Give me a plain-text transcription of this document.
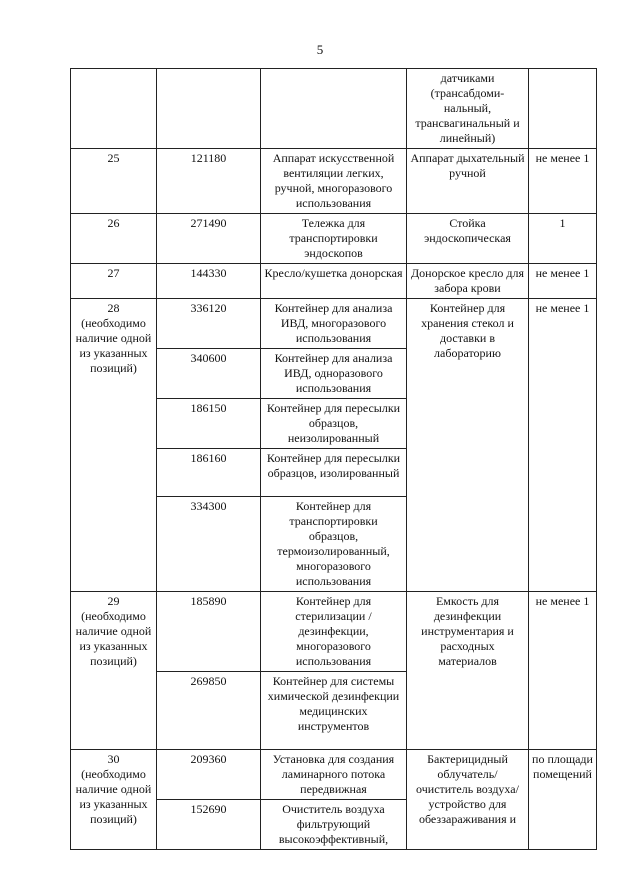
5
			датчиками (трансабдоми-нальный, трансвагинальный и линейный)	
25	121180	Аппарат искусственной вентиляции легких, ручной, многоразового использования	Аппарат дыхательный ручной	не менее 1
26	271490	Тележка для транспортировки эндоскопов	Стойка эндоскопическая	1
27	144330	Кресло/кушетка донорская	Донорское кресло для забора крови	не менее 1
28 (необходимо наличие одной из указанных позиций)	336120	Контейнер для анализа ИВД, многоразового использования	Контейнер для хранения стекол и доставки в лабораторию	не менее 1
	340600	Контейнер для анализа ИВД, одноразового использования		
	186150	Контейнер для пересылки образцов, неизолированный		
	186160	Контейнер для пересылки образцов, изолированный		
	334300	Контейнер для транспортировки образцов, термоизолированный, многоразового использования		
29 (необходимо наличие одной из указанных позиций)	185890	Контейнер для стерилизации /дезинфекции, многоразового использования	Емкость для дезинфекции инструментария и расходных материалов	не менее 1
	269850	Контейнер для системы химической дезинфекции медицинских инструментов		
30 (необходимо наличие одной из указанных позиций)	209360	Установка для создания ламинарного потока передвижная	Бактерицидный облучатель/ очиститель воздуха/ устройство для обеззараживания и	по площади помещений
	152690	Очиститель воздуха фильтрующий высокоэффективный,		
